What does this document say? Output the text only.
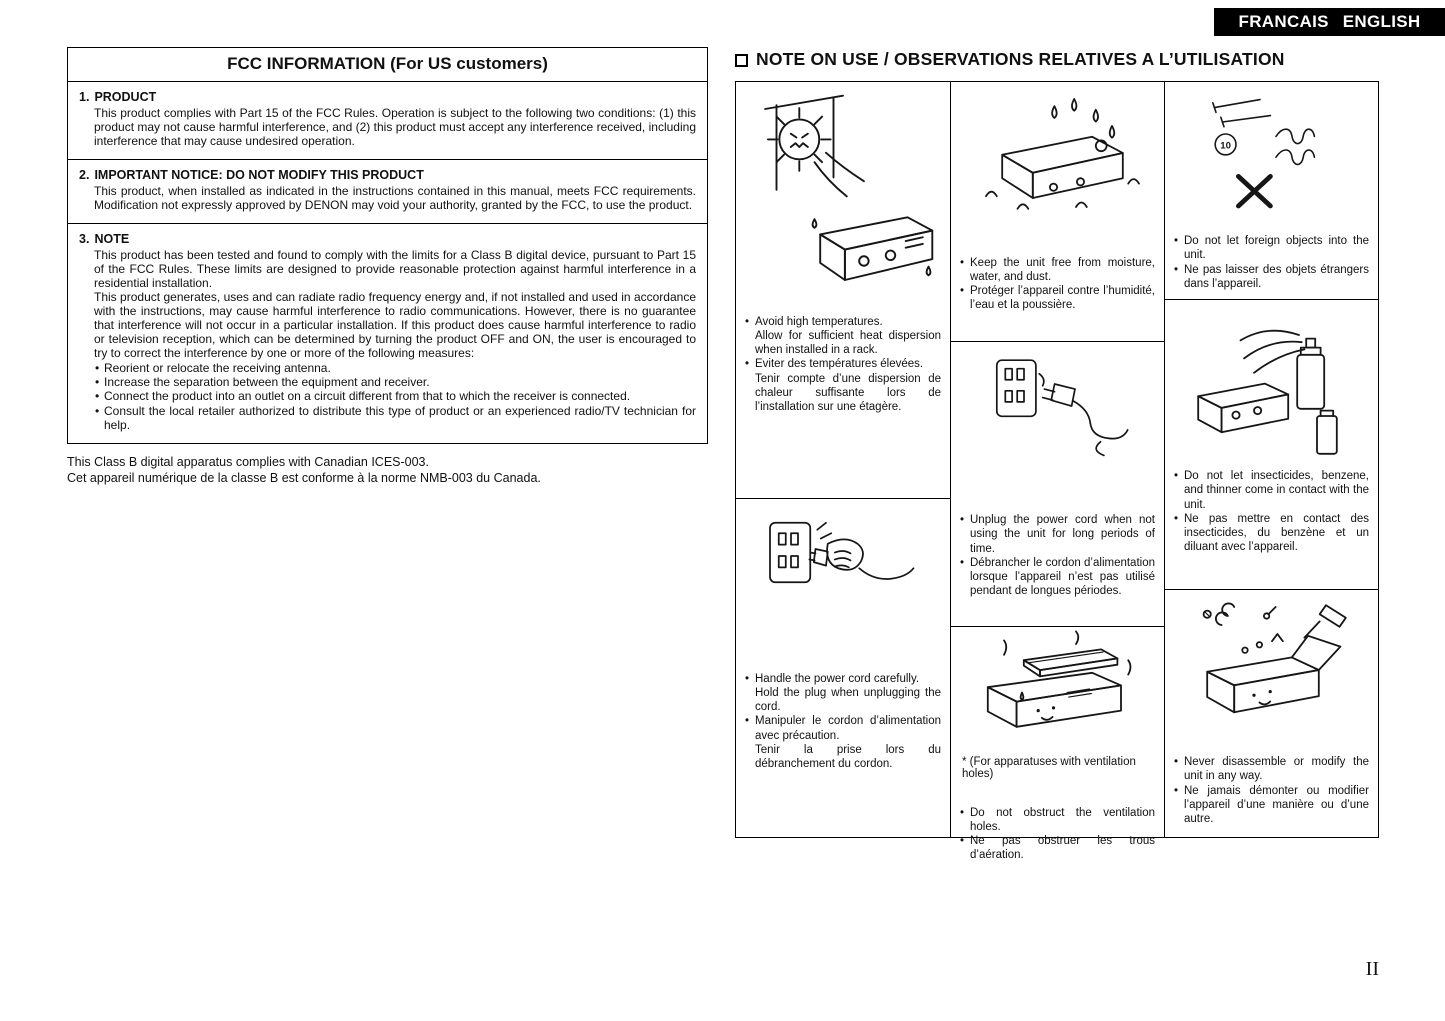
FRANCAIS ENGLISH
FCC INFORMATION (For US customers)
1. PRODUCT
This product complies with Part 15 of the FCC Rules. Operation is subject to the following two conditions: (1) this product may not cause harmful interference, and (2) this product must accept any interference received, including interference that may cause undesired operation.
2. IMPORTANT NOTICE: DO NOT MODIFY THIS PRODUCT
This product, when installed as indicated in the instructions contained in this manual, meets FCC requirements. Modification not expressly approved by DENON may void your authority, granted by the FCC, to use the product.
3. NOTE
This product has been tested and found to comply with the limits for a Class B digital device, pursuant to Part 15 of the FCC Rules. These limits are designed to provide reasonable protection against harmful interference in a residential installation.
This product generates, uses and can radiate radio frequency energy and, if not installed and used in accordance with the instructions, may cause harmful interference to radio communications. However, there is no guarantee that interference will not occur in a particular installation. If this product does cause harmful interference to radio or television reception, which can be determined by turning the product OFF and ON, the user is encouraged to try to correct the interference by one or more of the following measures:
• Reorient or relocate the receiving antenna.
• Increase the separation between the equipment and receiver.
• Connect the product into an outlet on a circuit different from that to which the receiver is connected.
• Consult the local retailer authorized to distribute this type of product or an experienced radio/TV technician for help.
This Class B digital apparatus complies with Canadian ICES-003.
Cet appareil numérique de la classe B est conforme à la norme NMB-003 du Canada.
NOTE ON USE / OBSERVATIONS RELATIVES A L’UTILISATION
• Avoid high temperatures.
Allow for sufficient heat dispersion when installed in a rack.
• Eviter des températures élevées.
Tenir compte d’une dispersion de chaleur suffisante lors de l’installation sur une étagère.
• Handle the power cord carefully.
Hold the plug when unplugging the cord.
• Manipuler le cordon d’alimentation avec précaution.
Tenir la prise lors du débranchement du cordon.
• Keep the unit free from moisture, water, and dust.
• Protéger l’appareil contre l’humidité, l’eau et la poussière.
• Unplug the power cord when not using the unit for long periods of time.
• Débrancher le cordon d’alimentation lorsque l’appareil n’est pas utilisé pendant de longues périodes.
* (For apparatuses with ventilation holes)
• Do not obstruct the ventilation holes.
• Ne pas obstruer les trous d’aération.
10
• Do not let foreign objects into the unit.
• Ne pas laisser des objets étrangers dans l’appareil.
• Do not let insecticides, benzene, and thinner come in contact with the unit.
• Ne pas mettre en contact des insecticides, du benzène et un diluant avec l’appareil.
• Never disassemble or modify the unit in any way.
• Ne jamais démonter ou modifier l’appareil d’une manière ou d’une autre.
II
